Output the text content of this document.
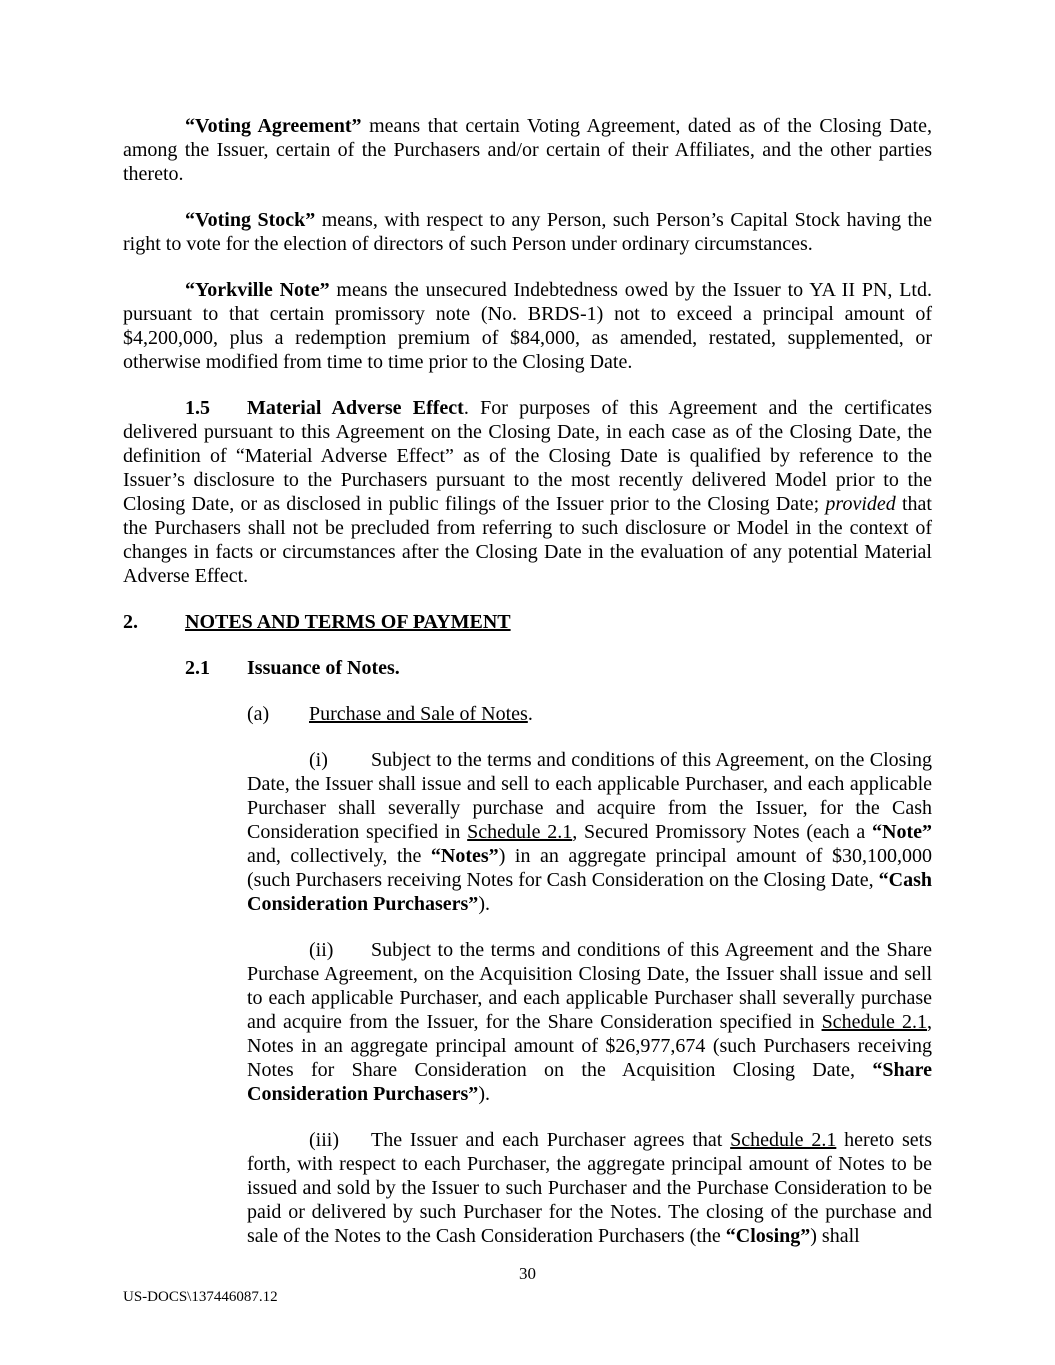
“Voting Agreement” means that certain Voting Agreement, dated as of the Closing Date, among the Issuer, certain of the Purchasers and/or certain of their Affiliates, and the other parties thereto.

“Voting Stock” means, with respect to any Person, such Person’s Capital Stock having the right to vote for the election of directors of such Person under ordinary circumstances.

“Yorkville Note” means the unsecured Indebtedness owed by the Issuer to YA II PN, Ltd. pursuant to that certain promissory note (No. BRDS-1) not to exceed a principal amount of $4,200,000, plus a redemption premium of $84,000, as amended, restated, supplemented, or otherwise modified from time to time prior to the Closing Date.

1.5 Material Adverse Effect. For purposes of this Agreement and the certificates delivered pursuant to this Agreement on the Closing Date, in each case as of the Closing Date, the definition of “Material Adverse Effect” as of the Closing Date is qualified by reference to the Issuer’s disclosure to the Purchasers pursuant to the most recently delivered Model prior to the Closing Date, or as disclosed in public filings of the Issuer prior to the Closing Date; provided that the Purchasers shall not be precluded from referring to such disclosure or Model in the context of changes in facts or circumstances after the Closing Date in the evaluation of any potential Material Adverse Effect.

2. NOTES AND TERMS OF PAYMENT

2.1 Issuance of Notes.

(a) Purchase and Sale of Notes.

(i) Subject to the terms and conditions of this Agreement, on the Closing Date, the Issuer shall issue and sell to each applicable Purchaser, and each applicable Purchaser shall severally purchase and acquire from the Issuer, for the Cash Consideration specified in Schedule 2.1, Secured Promissory Notes (each a “Note” and, collectively, the “Notes”) in an aggregate principal amount of $30,100,000 (such Purchasers receiving Notes for Cash Consideration on the Closing Date, “Cash Consideration Purchasers”).

(ii) Subject to the terms and conditions of this Agreement and the Share Purchase Agreement, on the Acquisition Closing Date, the Issuer shall issue and sell to each applicable Purchaser, and each applicable Purchaser shall severally purchase and acquire from the Issuer, for the Share Consideration specified in Schedule 2.1, Notes in an aggregate principal amount of $26,977,674 (such Purchasers receiving Notes for Share Consideration on the Acquisition Closing Date, “Share Consideration Purchasers”).

(iii) The Issuer and each Purchaser agrees that Schedule 2.1 hereto sets forth, with respect to each Purchaser, the aggregate principal amount of Notes to be issued and sold by the Issuer to such Purchaser and the Purchase Consideration to be paid or delivered by such Purchaser for the Notes. The closing of the purchase and sale of the Notes to the Cash Consideration Purchasers (the “Closing”) shall

30
US-DOCS\137446087.12
